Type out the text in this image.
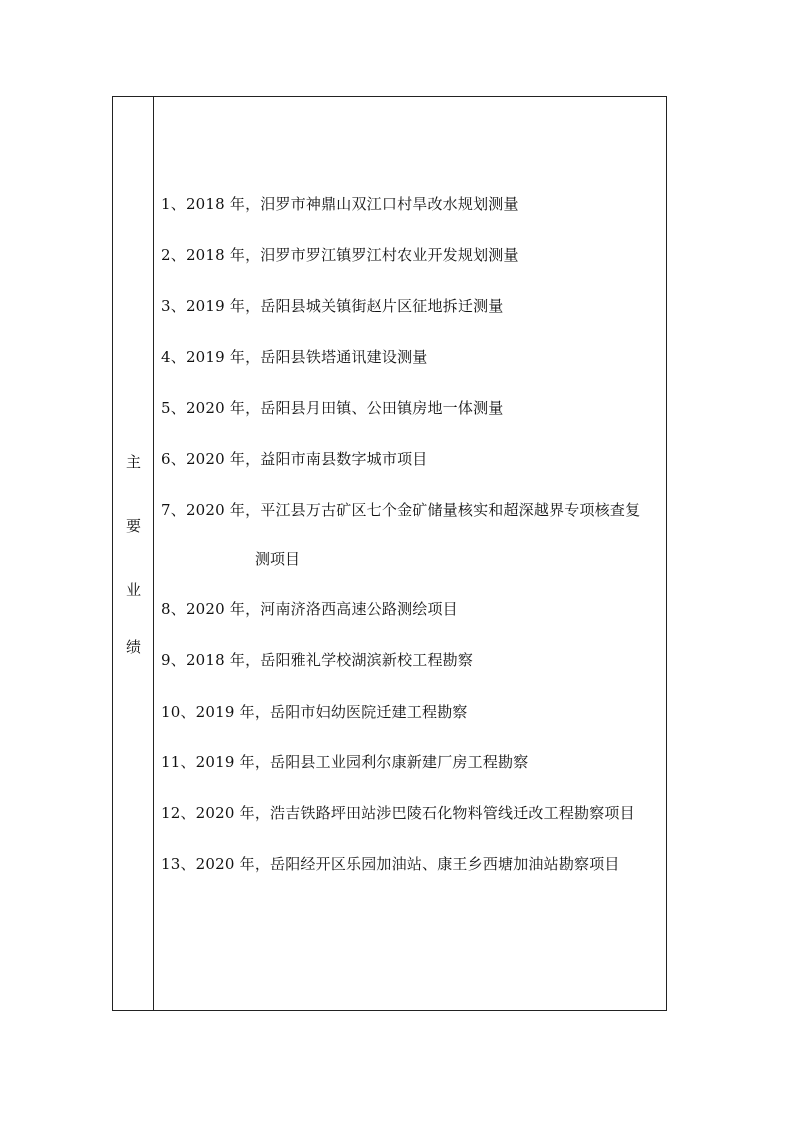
主
要
业
绩
1、2018 年，汨罗市神鼎山双江口村旱改水规划测量
2、2018 年，汨罗市罗江镇罗江村农业开发规划测量
3、2019 年，岳阳县城关镇街赵片区征地拆迁测量
4、2019 年，岳阳县铁塔通讯建设测量
5、2020 年，岳阳县月田镇、公田镇房地一体测量
6、2020 年，益阳市南县数字城市项目
7、2020 年，平江县万古矿区七个金矿储量核实和超深越界专项核查复
测项目
8、2020 年，河南济洛西高速公路测绘项目
9、2018 年，岳阳雅礼学校湖滨新校工程勘察
10、2019 年，岳阳市妇幼医院迁建工程勘察
11、2019 年，岳阳县工业园利尔康新建厂房工程勘察
12、2020 年，浩吉铁路坪田站涉巴陵石化物料管线迁改工程勘察项目
13、2020 年，岳阳经开区乐园加油站、康王乡西塘加油站勘察项目
